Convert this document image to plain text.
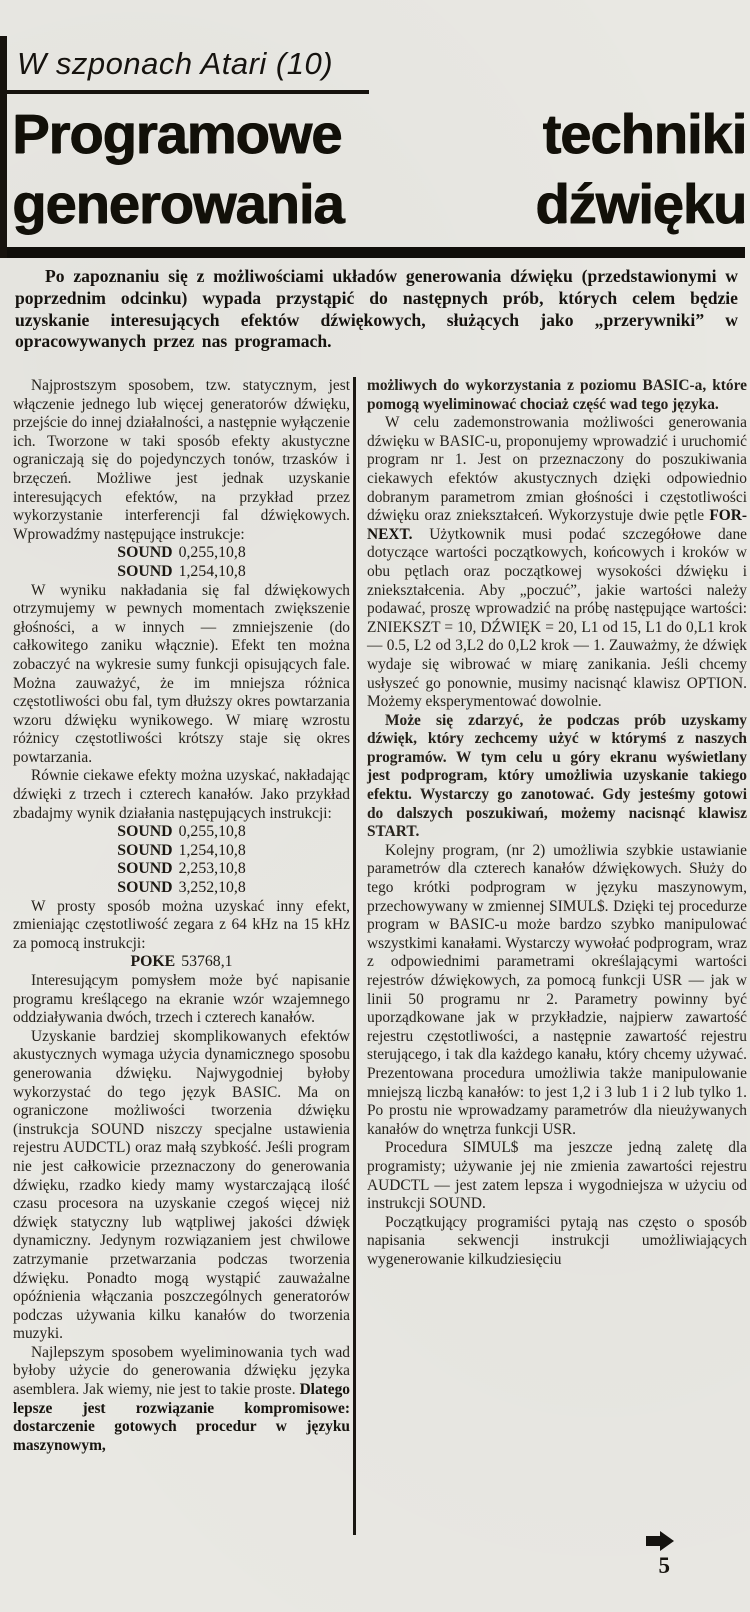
W szponach Atari (10)
Programowe	techniki
generowania	dźwięku

Po zapoznaniu się z możliwościami układów generowania dźwięku (przedstawionymi w poprzednim odcinku) wypada przystąpić do następnych prób, których celem będzie uzyskanie interesujących efektów dźwiękowych, służących jako „przerywniki” w opracowywanych przez nas programach.

Najprostszym sposobem, tzw. statycznym, jest włączenie jednego lub więcej generatorów dźwięku, przejście do innej działalności, a następnie wyłączenie ich. Tworzone w taki sposób efekty akustyczne ograniczają się do pojedynczych tonów, trzasków i brzęczeń. Możliwe jest jednak uzyskanie interesujących efektów, na przykład przez wykorzystanie interferencji fal dźwiękowych. Wprowadźmy następujące instrukcje:

SOUND 0,255,10,8
SOUND 1,254,10,8

W wyniku nakładania się fal dźwiękowych otrzymujemy w pewnych momentach zwiększenie głośności, a w innych — zmniejszenie (do całkowitego zaniku włącznie). Efekt ten można zobaczyć na wykresie sumy funkcji opisujących fale. Można zauważyć, że im mniejsza różnica częstotliwości obu fal, tym dłuższy okres powtarzania wzoru dźwięku wynikowego. W miarę wzrostu różnicy częstotliwości krótszy staje się okres powtarzania.

Równie ciekawe efekty można uzyskać, nakładając dźwięki z trzech i czterech kanałów. Jako przykład zbadajmy wynik działania następujących instrukcji:

SOUND 0,255,10,8
SOUND 1,254,10,8
SOUND 2,253,10,8
SOUND 3,252,10,8

W prosty sposób można uzyskać inny efekt, zmieniając częstotliwość zegara z 64 kHz na 15 kHz za pomocą instrukcji:

POKE 53768,1

Interesującym pomysłem może być napisanie programu kreślącego na ekranie wzór wzajemnego oddziaływania dwóch, trzech i czterech kanałów.

Uzyskanie bardziej skomplikowanych efektów akustycznych wymaga użycia dynamicznego sposobu generowania dźwięku. Najwygodniej byłoby wykorzystać do tego język BASIC. Ma on ograniczone możliwości tworzenia dźwięku (instrukcja SOUND niszczy specjalne ustawienia rejestru AUDCTL) oraz małą szybkość. Jeśli program nie jest całkowicie przeznaczony do generowania dźwięku, rzadko kiedy mamy wystarczającą ilość czasu procesora na uzyskanie czegoś więcej niż dźwięk statyczny lub wątpliwej jakości dźwięk dynamiczny. Jedynym rozwiązaniem jest chwilowe zatrzymanie przetwarzania podczas tworzenia dźwięku. Ponadto mogą wystąpić zauważalne opóźnienia włączania poszczególnych generatorów podczas używania kilku kanałów do tworzenia muzyki.

Najlepszym sposobem wyeliminowania tych wad byłoby użycie do generowania dźwięku języka asemblera. Jak wiemy, nie jest to takie proste. Dlatego lepsze jest rozwiązanie kompromisowe: dostarczenie gotowych procedur w języku maszynowym,

możliwych do wykorzystania z poziomu BASIC-a, które pomogą wyeliminować chociaż część wad tego języka.

W celu zademonstrowania możliwości generowania dźwięku w BASIC-u, proponujemy wprowadzić i uruchomić program nr 1. Jest on przeznaczony do poszukiwania ciekawych efektów akustycznych dzięki odpowiednio dobranym parametrom zmian głośności i częstotliwości dźwięku oraz zniekształceń. Wykorzystuje dwie pętle FOR-NEXT. Użytkownik musi podać szczegółowe dane dotyczące wartości początkowych, końcowych i kroków w obu pętlach oraz początkowej wysokości dźwięku i zniekształcenia. Aby „poczuć”, jakie wartości należy podawać, proszę wprowadzić na próbę następujące wartości: ZNIEKSZT = 10, DŹWIĘK = 20, L1 od 15, L1 do 0,L1 krok — 0.5, L2 od 3,L2 do 0,L2 krok — 1. Zauważmy, że dźwięk wydaje się wibrować w miarę zanikania. Jeśli chcemy usłyszeć go ponownie, musimy nacisnąć klawisz OPTION. Możemy eksperymentować dowolnie.

Może się zdarzyć, że podczas prób uzyskamy dźwięk, który zechcemy użyć w którymś z naszych programów. W tym celu u góry ekranu wyświetlany jest podprogram, który umożliwia uzyskanie takiego efektu. Wystarczy go zanotować. Gdy jesteśmy gotowi do dalszych poszukiwań, możemy nacisnąć klawisz START.

Kolejny program, (nr 2) umożliwia szybkie ustawianie parametrów dla czterech kanałów dźwiękowych. Służy do tego krótki podprogram w języku maszynowym, przechowywany w zmiennej SIMUL$. Dzięki tej procedurze program w BASIC-u może bardzo szybko manipulować wszystkimi kanałami. Wystarczy wywołać podprogram, wraz z odpowiednimi parametrami określającymi wartości rejestrów dźwiękowych, za pomocą funkcji USR — jak w linii 50 programu nr 2. Parametry powinny być uporządkowane jak w przykładzie, najpierw zawartość rejestru częstotliwości, a następnie zawartość rejestru sterującego, i tak dla każdego kanału, który chcemy używać. Prezentowana procedura umożliwia także manipulowanie mniejszą liczbą kanałów: to jest 1,2 i 3 lub 1 i 2 lub tylko 1. Po prostu nie wprowadzamy parametrów dla nieużywanych kanałów do wnętrza funkcji USR.

Procedura SIMUL$ ma jeszcze jedną zaletę dla programisty; używanie jej nie zmienia zawartości rejestru AUDCTL — jest zatem lepsza i wygodniejsza w użyciu od instrukcji SOUND.

Początkujący programiści pytają nas często o sposób napisania sekwencji instrukcji umożliwiających wygenerowanie kilkudziesięciu

5
